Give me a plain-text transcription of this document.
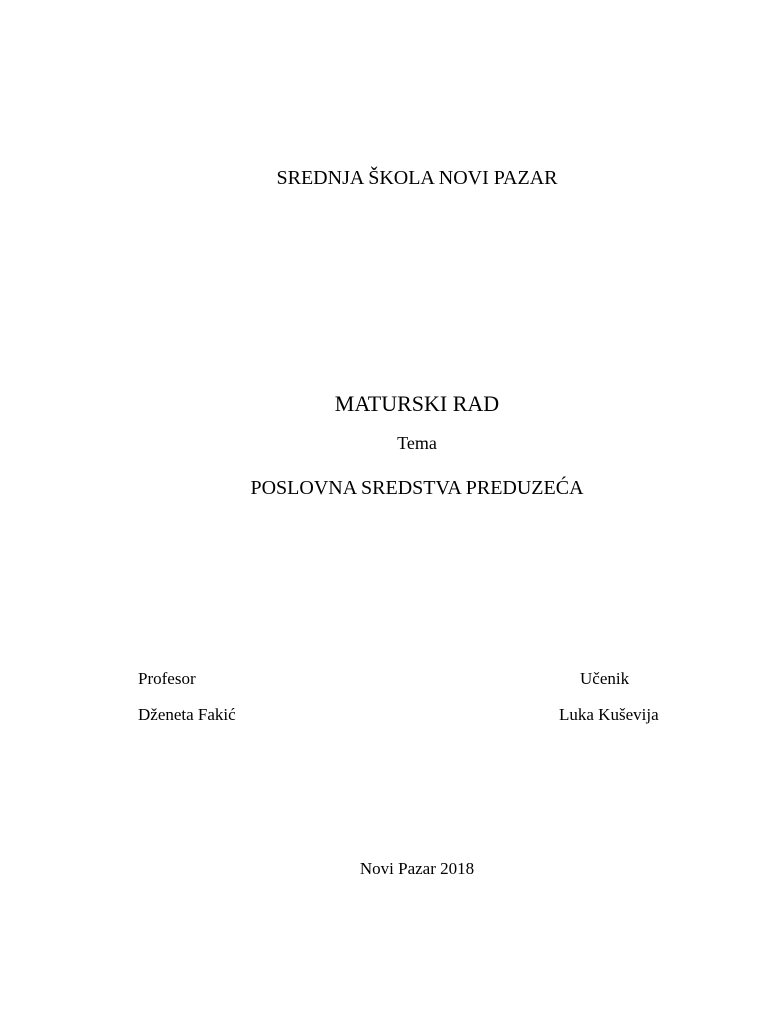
SREDNJA ŠKOLA NOVI PAZAR
MATURSKI RAD
Tema
POSLOVNA SREDSTVA PREDUZEĆA
Profesor
Dženeta Fakić
Učenik
Luka Kuševija
Novi Pazar 2018
